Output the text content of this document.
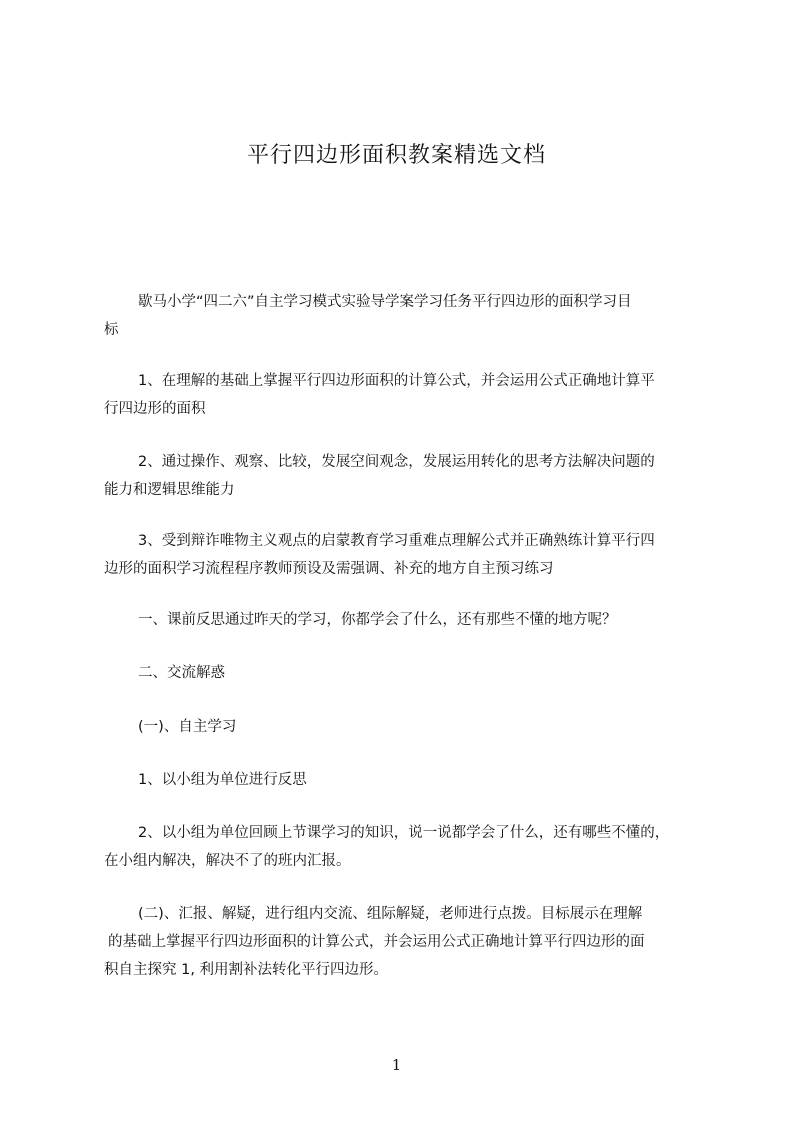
平行四边形面积教案精选文档

歇马小学“四二六”自主学习模式实验导学案学习任务平行四边形的面积学习目
标

1、在理解的基础上掌握平行四边形面积的计算公式，并会运用公式正确地计算平
行四边形的面积

2、通过操作、观察、比较，发展空间观念，发展运用转化的思考方法解决问题的
能力和逻辑思维能力

3、受到辩诈唯物主义观点的启蒙教育学习重难点理解公式并正确熟练计算平行四
边形的面积学习流程程序教师预设及需强调、补充的地方自主预习练习

一、课前反思通过昨天的学习，你都学会了什么，还有那些不懂的地方呢？

二、交流解惑

(一)、自主学习

1、以小组为单位进行反思

2、以小组为单位回顾上节课学习的知识，说一说都学会了什么，还有哪些不懂的，
在小组内解决，解决不了的班内汇报。

(二)、汇报、解疑，进行组内交流、组际解疑，老师进行点拨。目标展示在理解
的基础上掌握平行四边形面积的计算公式，并会运用公式正确地计算平行四边形的面
积自主探究 1, 利用割补法转化平行四边形。

1
